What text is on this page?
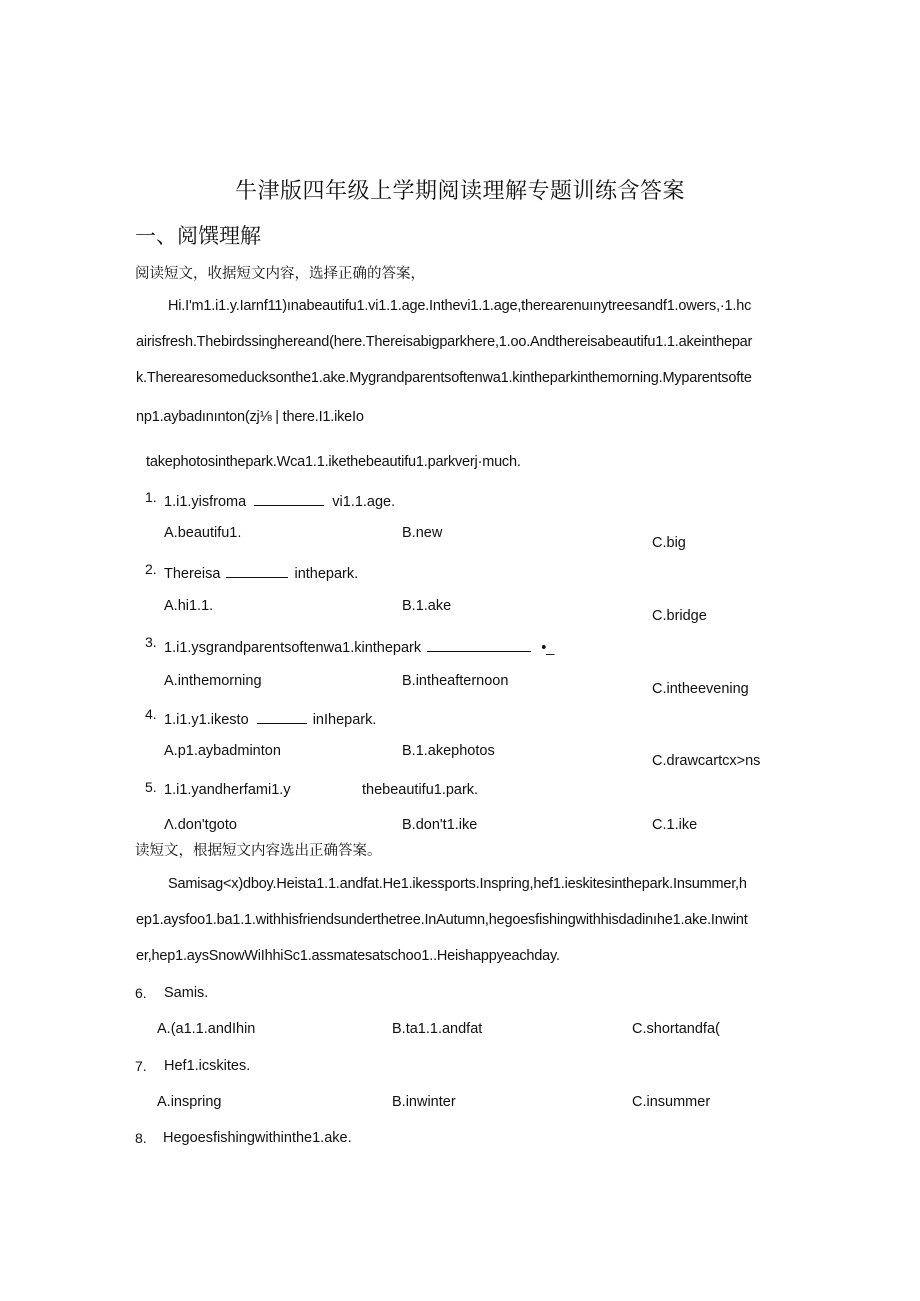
牛津版四年级上学期阅读理解专题训练含答案
一、阅馔理解
阅读短文，收据短文内容，选择正确的答案，
Hi.I'm1.i1.y.Iarnf11)ınabeautifu1.vi1.1.age.Inthevi1.1.age,therearenuınytreesandf1.owers,·1.hc
airisfresh.Thebirdssinghereand(here.Thereisabigparkhere,1.oo.Andthereisabeautifu1.1.akeinthepar
k.Therearesomeducksonthe1.ake.Mygrandparentsoftenwa1.kintheparkinthemorning.Myparentsofte
np1.aybadınınton(zj⅛ | there.I1.ikeIo
takephotosinthepark.Wca1.1.ikethebeautifu1.parkverj·much.
1. 1.i1.yisfroma	vi1.1.age.
A.beautifu1.	B.new
C.big
2. Thereisa	inthepark.
A.hi1.1.	B.1.ake
C.bridge
3. 1.i1.ysgrandparentsoftenwa1.kinthepark	•_
A.inthemorning	B.intheafternoon	C.intheevening
4. 1.i1.y1.ikesto	inIhepark.
A.p1.aybadminton	B.1.akephotos
C.drawcartcx>ns
5. 1.i1.yandherfami1.y	thebeautifu1.park.
Λ.don'tgoto	B.don't1.ike	C.1.ike
读短文，根据短文内容选出正确答案。
Samisag<x)dboy.Heista1.1.andfat.He1.ikessports.Inspring,hef1.ieskitesinthepark.Insummer,h
ep1.aysfoo1.ba1.1.withhisfriendsunderthetree.InAutumn,hegoesfishingwithhisdadinıhe1.ake.Inwint
er,hep1.aysSnowWiIhhiSc1.assmatesatschoo1..Heishappyeachday.
6. Samis.
A.(a1.1.andIhin	B.ta1.1.andfat	C.shortandfa(
7. Hef1.icskites.
A.inspring	B.inwinter	C.insummer
8. Hegoesfishingwithinthe1.ake.
